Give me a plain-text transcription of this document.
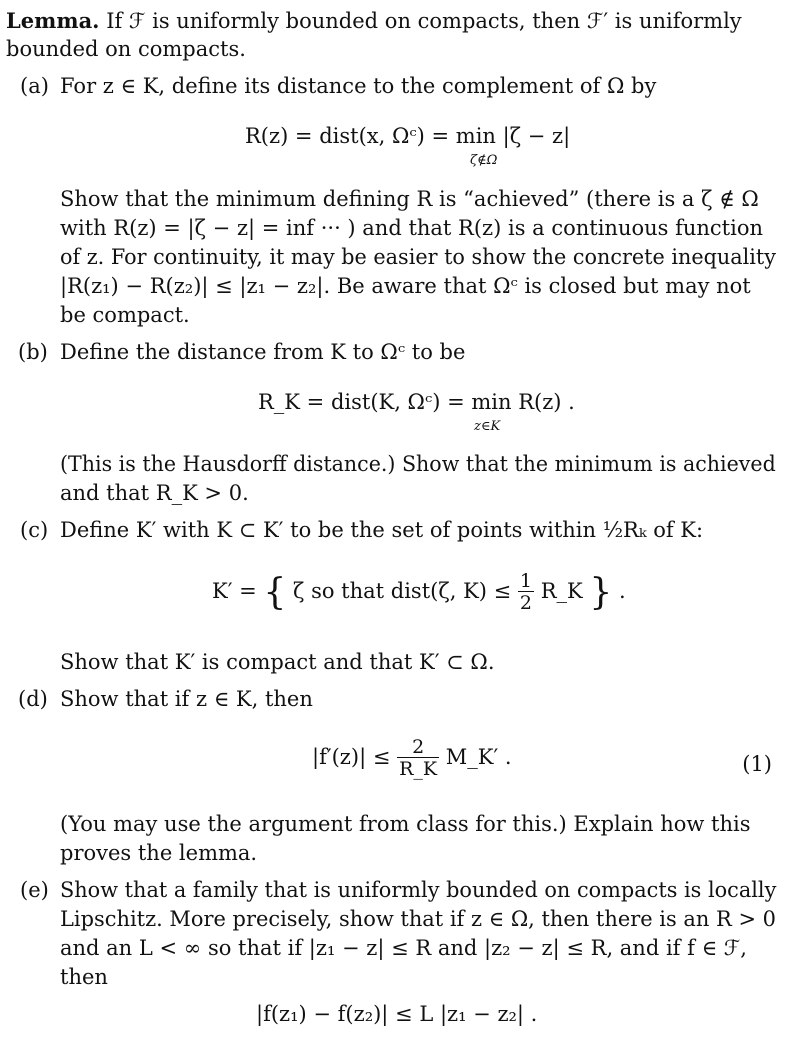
Lemma. If ℱ is uniformly bounded on compacts, then ℱ′ is uniformly
bounded on compacts.
(a) For z ∈ K, define its distance to the complement of Ω by
R(z) = dist(x, Ωᶜ) = min |ζ − z|
ζ∉Ω
Show that the minimum defining R is “achieved” (there is a ζ ∉ Ω
with R(z) = |ζ − z| = inf ··· ) and that R(z) is a continuous function
of z. For continuity, it may be easier to show the concrete inequality
|R(z₁) − R(z₂)| ≤ |z₁ − z₂|. Be aware that Ωᶜ is closed but may not
be compact.
(b) Define the distance from K to Ωᶜ to be
R_K = dist(K, Ωᶜ) = min R(z) .
z∈K
(This is the Hausdorff distance.) Show that the minimum is achieved
and that R_K > 0.
(c) Define K′ with K ⊂ K′ to be the set of points within ½Rₖ of K:
K′ = { ζ so that dist(ζ, $K) \le \frac{1}{2}$ R_K } .
Show that K′ is compact and that K′ ⊂ Ω.
(d) Show that if z ∈ K, then
$|f'(z)| \le \frac{2}{R\_K}$ M_K′ .	(1)
(You may use the argument from class for this.) Explain how this
proves the lemma.
(e) Show that a family that is uniformly bounded on compacts is locally
Lipschitz. More precisely, show that if z ∈ Ω, then there is an R > 0
and an L < ∞ so that if |z₁ − z| ≤ R and |z₂ − z| ≤ R, and if f ∈ ℱ,
then
|f(z₁) − f(z₂)| ≤ L |z₁ − z₂| .
